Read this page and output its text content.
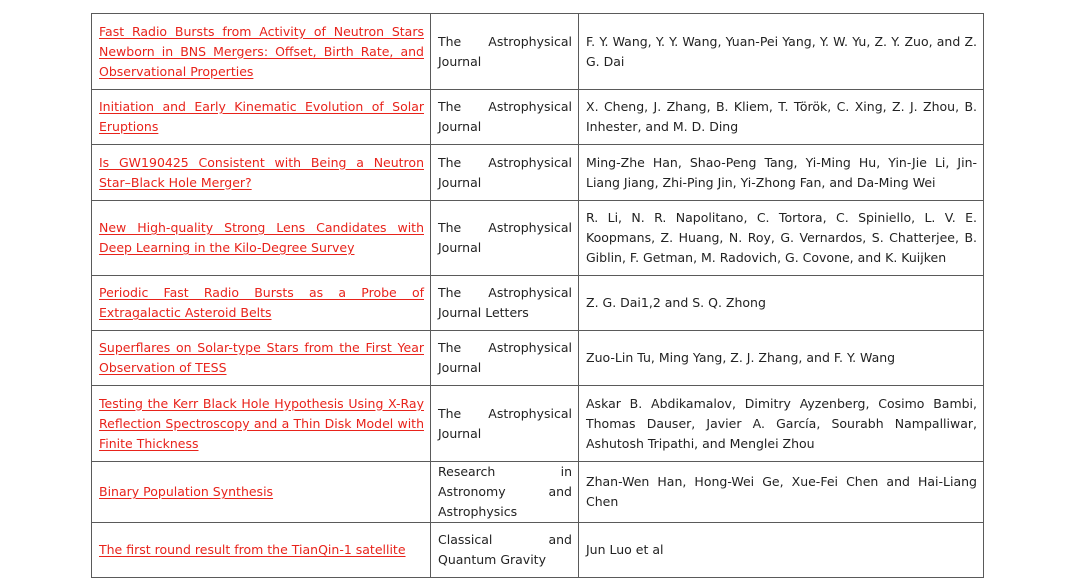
Fast Radio Bursts from Activity of Neutron Stars Newborn in BNS Mergers: Offset, Birth Rate, and Observational Properties	The Astrophysical Journal	F. Y. Wang, Y. Y. Wang, Yuan-Pei Yang, Y. W. Yu, Z. Y. Zuo, and Z. G. Dai
Initiation and Early Kinematic Evolution of Solar Eruptions	The Astrophysical Journal	X. Cheng, J. Zhang, B. Kliem, T. Török, C. Xing, Z. J. Zhou, B. Inhester, and M. D. Ding
Is GW190425 Consistent with Being a Neutron Star–Black Hole Merger?	The Astrophysical Journal	Ming-Zhe Han, Shao-Peng Tang, Yi-Ming Hu, Yin-Jie Li, Jin-Liang Jiang, Zhi-Ping Jin, Yi-Zhong Fan, and Da-Ming Wei
New High-quality Strong Lens Candidates with Deep Learning in the Kilo-Degree Survey	The Astrophysical Journal	R. Li, N. R. Napolitano, C. Tortora, C. Spiniello, L. V. E. Koopmans, Z. Huang, N. Roy, G. Vernardos, S. Chatterjee, B. Giblin, F. Getman, M. Radovich, G. Covone, and K. Kuijken
Periodic Fast Radio Bursts as a Probe of Extragalactic Asteroid Belts	The Astrophysical Journal Letters	Z. G. Dai1,2 and S. Q. Zhong
Superflares on Solar-type Stars from the First Year Observation of TESS	The Astrophysical Journal	Zuo-Lin Tu, Ming Yang, Z. J. Zhang, and F. Y. Wang
Testing the Kerr Black Hole Hypothesis Using X-Ray Reflection Spectroscopy and a Thin Disk Model with Finite Thickness	The Astrophysical Journal	Askar B. Abdikamalov, Dimitry Ayzenberg, Cosimo Bambi, Thomas Dauser, Javier A. García, Sourabh Nampalliwar, Ashutosh Tripathi, and Menglei Zhou
Binary Population Synthesis	Research in Astronomy and Astrophysics	Zhan-Wen Han, Hong-Wei Ge, Xue-Fei Chen and Hai-Liang Chen
The first round result from the TianQin-1 satellite	Classical and Quantum Gravity	Jun Luo et al
